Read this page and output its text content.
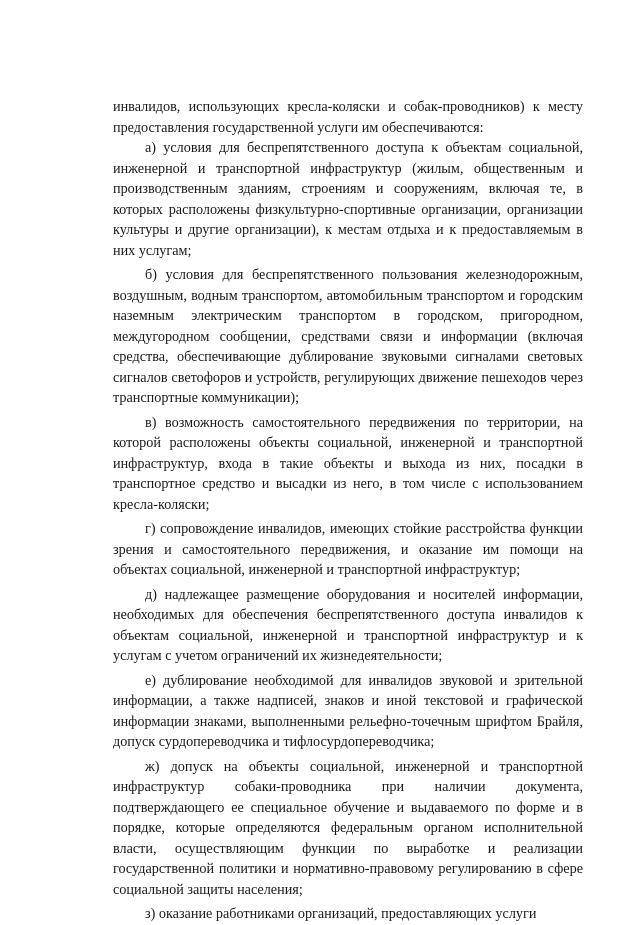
инвалидов, использующих кресла-коляски и собак-проводников) к месту предоставления государственной услуги им обеспечиваются:

а) условия для беспрепятственного доступа к объектам социальной, инженерной и транспортной инфраструктур (жилым, общественным и производственным зданиям, строениям и сооружениям, включая те, в которых расположены физкультурно-спортивные организации, организации культуры и другие организации), к местам отдыха и к предоставляемым в них услугам;

б) условия для беспрепятственного пользования железнодорожным, воздушным, водным транспортом, автомобильным транспортом и городским наземным электрическим транспортом в городском, пригородном, междугородном сообщении, средствами связи и информации (включая средства, обеспечивающие дублирование звуковыми сигналами световых сигналов светофоров и устройств, регулирующих движение пешеходов через транспортные коммуникации);

в) возможность самостоятельного передвижения по территории, на которой расположены объекты социальной, инженерной и транспортной инфраструктур, входа в такие объекты и выхода из них, посадки в транспортное средство и высадки из него, в том числе с использованием кресла-коляски;

г) сопровождение инвалидов, имеющих стойкие расстройства функции зрения и самостоятельного передвижения, и оказание им помощи на объектах социальной, инженерной и транспортной инфраструктур;

д) надлежащее размещение оборудования и носителей информации, необходимых для обеспечения беспрепятственного доступа инвалидов к объектам социальной, инженерной и транспортной инфраструктур и к услугам с учетом ограничений их жизнедеятельности;

е) дублирование необходимой для инвалидов звуковой и зрительной информации, а также надписей, знаков и иной текстовой и графической информации знаками, выполненными рельефно-точечным шрифтом Брайля, допуск сурдопереводчика и тифлосурдопереводчика;

ж) допуск на объекты социальной, инженерной и транспортной инфраструктур собаки-проводника при наличии документа, подтверждающего ее специальное обучение и выдаваемого по форме и в порядке, которые определяются федеральным органом исполнительной власти, осуществляющим функции по выработке и реализации государственной политики и нормативно-правовому регулированию в сфере социальной защиты населения;

з) оказание работниками организаций, предоставляющих услуги
